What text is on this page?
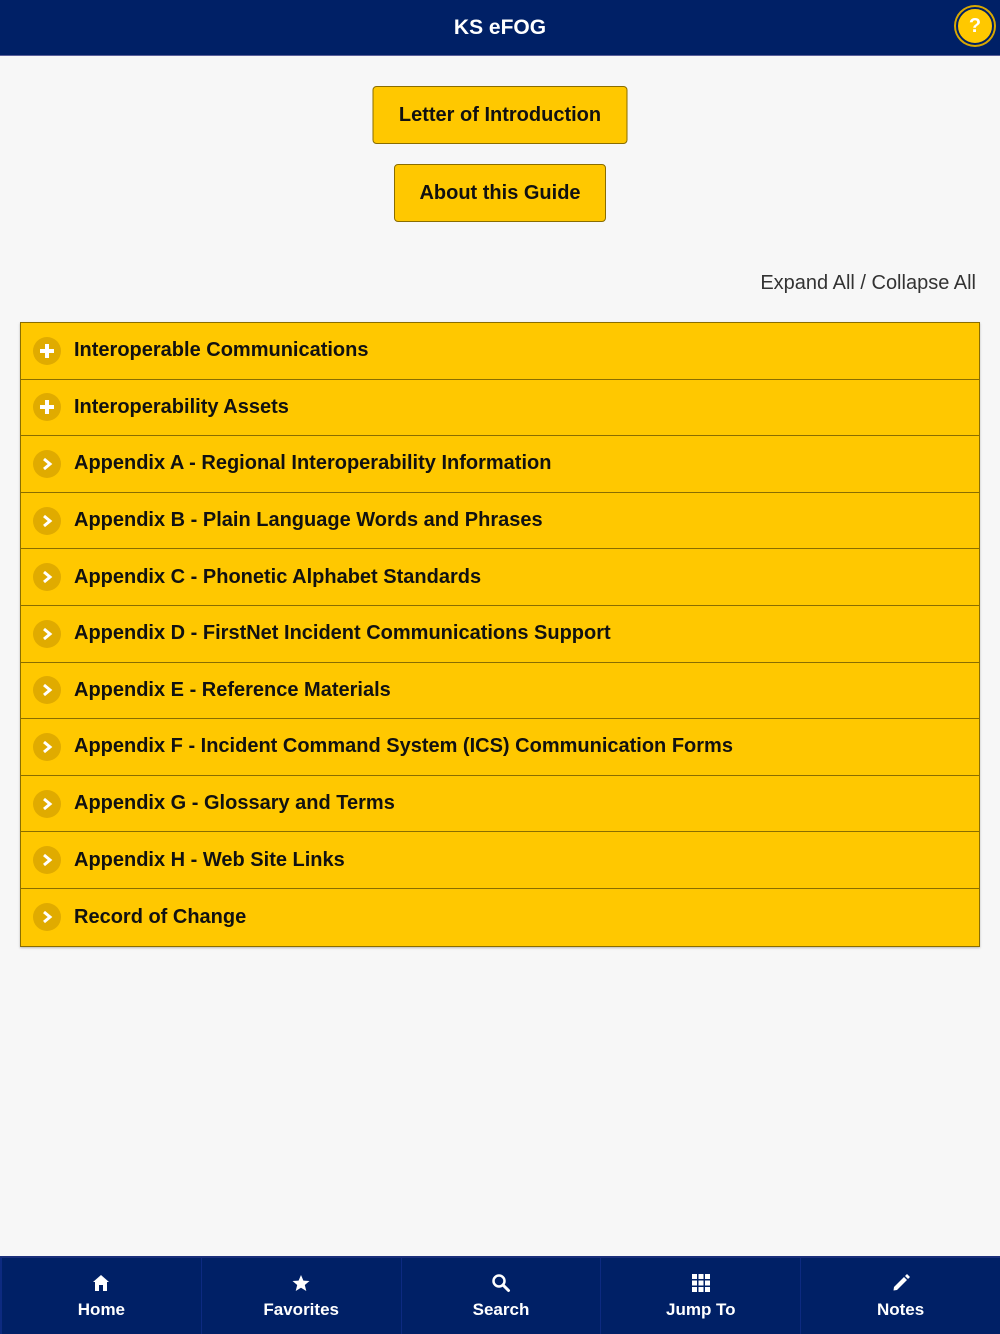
KS eFOG	?
Letter of Introduction
About this Guide
Expand All / Collapse All
Interoperable Communications
Interoperability Assets
Appendix A - Regional Interoperability Information
Appendix B - Plain Language Words and Phrases
Appendix C - Phonetic Alphabet Standards
Appendix D - FirstNet Incident Communications Support
Appendix E - Reference Materials
Appendix F - Incident Command System (ICS) Communication Forms
Appendix G - Glossary and Terms
Appendix H - Web Site Links
Record of Change
Home	Favorites	Search	Jump To	Notes
